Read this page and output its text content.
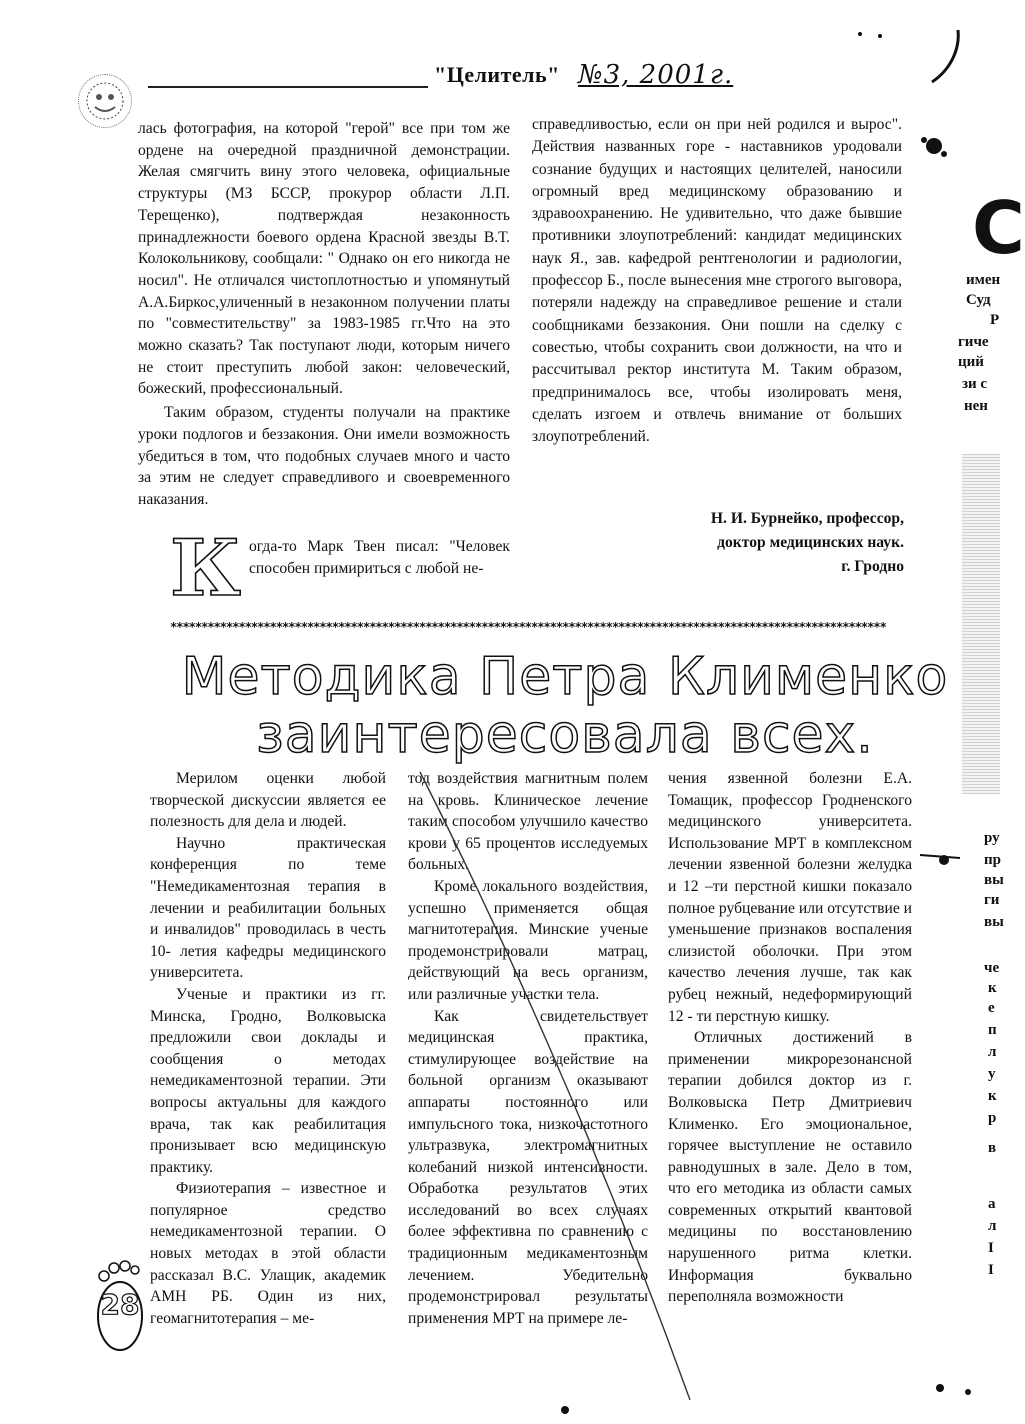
"Целитель" №3, 2001г.

лась фотография, на которой "герой" все при том же ордене на очередной праздничной демонстрации. Желая смягчить вину этого человека, официальные структуры (МЗ БССР, прокурор области Л.П. Терещенко), подтверждая незаконность принадлежности боевого ордена Красной звезды В.Т. Колокольникову, сообщали: " Однако он его никогда не носил". Не отличался чистоплотностью и упомянутый А.А.Биркос,уличенный в незаконном получении платы по "совместительству" за 1983-1985 гг.Что на это можно сказать? Так поступают люди, которым ничего не стоит преступить любой закон: человеческий, божеский, профессиональный.

Таким образом, студенты получали на практике уроки подлогов и беззакония. Они имели возможность убедиться в том, что подобных случаев много и часто за этим не следует справедливого и своевременного наказания.

К огда-то Марк Твен писал: "Человек способен примириться с любой не-

справедливостью, если он при ней родился и вырос". Действия названных горе - наставников уродовали сознание будущих и настоящих целителей, наносили огромный вред медицинскому образованию и здравоохранению. Не удивительно, что даже бывшие противники злоупотреблений: кандидат медицинских наук Я., зав. кафедрой рентгенологии и радиологии, профессор Б., после вынесения мне строгого выговора, потеряли надежду на справедливое решение и стали сообщниками беззакония. Они пошли на сделку с совестью, чтобы сохранить свои должности, на что и рассчитывал ректор института М. Таким образом, предпринималось все, чтобы изолировать меня, сделать изгоем и отвлечь внимание от больших злоупотреблений.

Н. И. Бурнейко, профессор,
доктор медицинских наук.
г. Гродно
*******************************************************************************************************************
Методика Петра Клименко
заинтересовала всех.

Мерилом оценки любой творческой дискуссии является ее полезность для дела и людей.

Научно практическая конференция по теме "Немедикаментозная терапия в лечении и реабилитации больных и инвалидов" проводилась в честь 10- летия кафедры медицинского университета.

Ученые и практики из гг. Минска, Гродно, Волковыска предложили свои доклады и сообщения о методах немедикаментозной терапии. Эти вопросы актуальны для каждого врача, так как реабилитация пронизывает всю медицинскую практику.

Физиотерапия – известное и популярное средство немедикаментозной терапии. О новых методах в этой области рассказал В.С. Улащик, академик АМН РБ. Один из них, геомагнитотерапия – ме-

тод воздействия магнитным полем на кровь. Клиническое лечение таким способом улучшило качество крови у 65 процентов исследуемых больных.

Кроме локального воздействия, успешно применяется общая магнитотерапия. Минские ученые продемонстрировали матрац, действующий на весь организм, или различные участки тела.

Как свидетельствует медицинская практика, стимулирующее воздействие на больной организм оказывают аппараты постоянного или импульсного тока, низкочастотного ультразвука, электромагнитных колебаний низкой интенсивности. Обработка результатов этих исследований во всех случаях более эффективна по сравнению с традиционным медикаментозным лечением. Убедительно продемонстрировал результаты применения МРТ на примере ле-

чения язвенной болезни Е.А. Томащик, профессор Гродненского медицинского университета. Использование МРТ в комплексном лечении язвенной болезни желудка и 12 –ти перстной кишки показало полное рубцевание или отсутствие и уменьшение признаков воспаления слизистой оболочки. При этом качество лечения лучше, так как рубец нежный, недеформирующий 12 - ти перстную кишку.

Отличных достижений в применении микрорезонансной терапии добился доктор из г. Волковыска Петр Дмитриевич Клименко. Его эмоциональное, горячее выступление не оставило равнодушных в зале. Дело в том, что его методика из области самых современных открытий квантовой медицины по восстановлению нарушенного ритма клетки. Информация буквально переполняла возможности

28
С
имен
Суд
Р
гиче
ций
зи с
нен
ру
пр
вы
ги
вы
че
к
е
п
л
у
к
р
в
а
л
I
I
